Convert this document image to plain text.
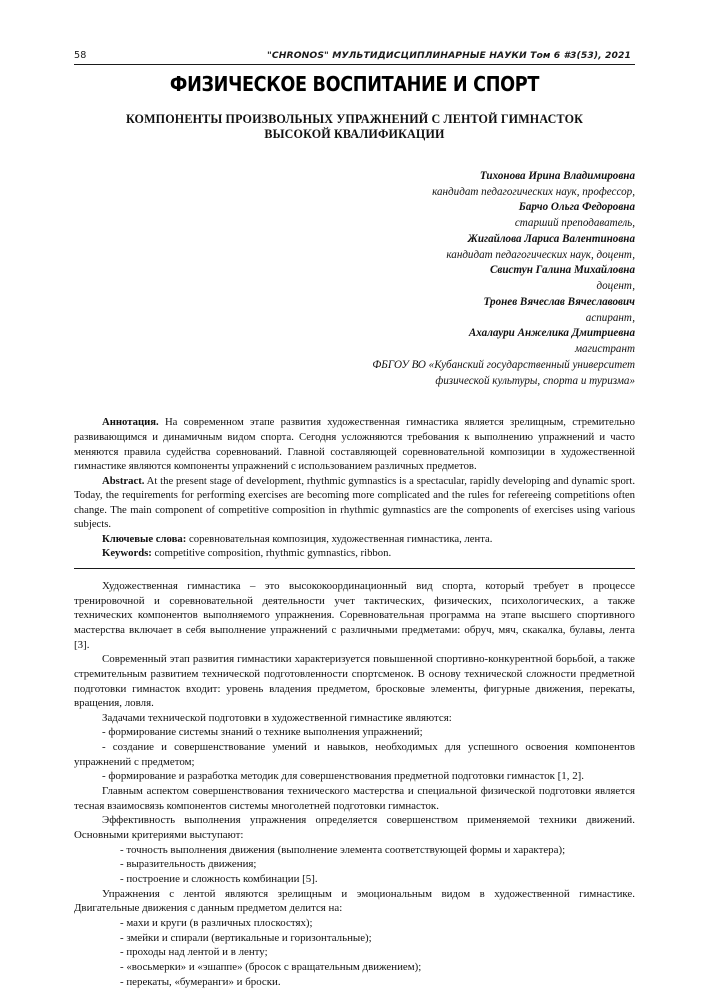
58	"CHRONOS" МУЛЬТИДИСЦИПЛИНАРНЫЕ НАУКИ Том 6 #3(53), 2021
ФИЗИЧЕСКОЕ ВОСПИТАНИЕ И СПОРТ
КОМПОНЕНТЫ ПРОИЗВОЛЬНЫХ УПРАЖНЕНИЙ С ЛЕНТОЙ ГИМНАСТОК ВЫСОКОЙ КВАЛИФИКАЦИИ
Тихонова Ирина Владимировна
кандидат педагогических наук, профессор,
Барчо Ольга Федоровна
старший преподаватель,
Жигайлова Лариса Валентиновна
кандидат педагогических наук, доцент,
Свистун Галина Михайловна
доцент,
Тронев Вячеслав Вячеславович
аспирант,
Ахалаури Анжелика Дмитриевна
магистрант
ФБГОУ ВО «Кубанский государственный университет
физической культуры, спорта и туризма»

Аннотация. На современном этапе развития художественная гимнастика является зрелищным, стремительно развивающимся и динамичным видом спорта. Сегодня усложняются требования к выполнению упражнений и часто меняются правила судейства соревнований. Главной составляющей соревновательной композиции в художественной гимнастике являются компоненты упражнений с использованием различных предметов.

Abstract. At the present stage of development, rhythmic gymnastics is a spectacular, rapidly developing and dynamic sport. Today, the requirements for performing exercises are becoming more complicated and the rules for refereeing competitions often change. The main component of competitive composition in rhythmic gymnastics are the components of exercises using various subjects.

Ключевые слова: соревновательная композиция, художественная гимнастика, лента.

Keywords: competitive composition, rhythmic gymnastics, ribbon.

Художественная гимнастика – это высококоординационный вид спорта, который требует в процессе тренировочной и соревновательной деятельности учет тактических, физических, психологических, а также технических компонентов выполняемого упражнения. Соревновательная программа на этапе высшего спортивного мастерства включает в себя выполнение упражнений с различными предметами: обруч, мяч, скакалка, булавы, лента [3].

Современный этап развития гимнастики характеризуется повышенной спортивно-конкурентной борьбой, а также стремительным развитием технической подготовленности спортсменок. В основу технической сложности предметной подготовки гимнасток входит: уровень владения предметом, бросковые элементы, фигурные движения, перекаты, вращения, ловля.

Задачами технической подготовки в художественной гимнастике являются:

- формирование системы знаний о технике выполнения упражнений;

- создание и совершенствование умений и навыков, необходимых для успешного освоения компонентов упражнений с предметом;

- формирование и разработка методик для совершенствования предметной подготовки гимнасток [1, 2].

Главным аспектом совершенствования технического мастерства и специальной физической подготовки является тесная взаимосвязь компонентов системы многолетней подготовки гимнасток.

Эффективность выполнения упражнения определяется совершенством применяемой техники движений. Основными критериями выступают:

- точность выполнения движения (выполнение элемента соответствующей формы и характера);

- выразительность движения;

- построение и сложность комбинации [5].

Упражнения с лентой являются зрелищным и эмоциональным видом в художественной гимнастике. Двигательные движения с данным предметом делится на:

- махи и круги (в различных плоскостях);

- змейки и спирали (вертикальные и горизонтальные);

- проходы над лентой и в ленту;

- «восьмерки» и «эшаппе» (бросок с вращательным движением);

- перекаты, «бумеранги» и броски.
